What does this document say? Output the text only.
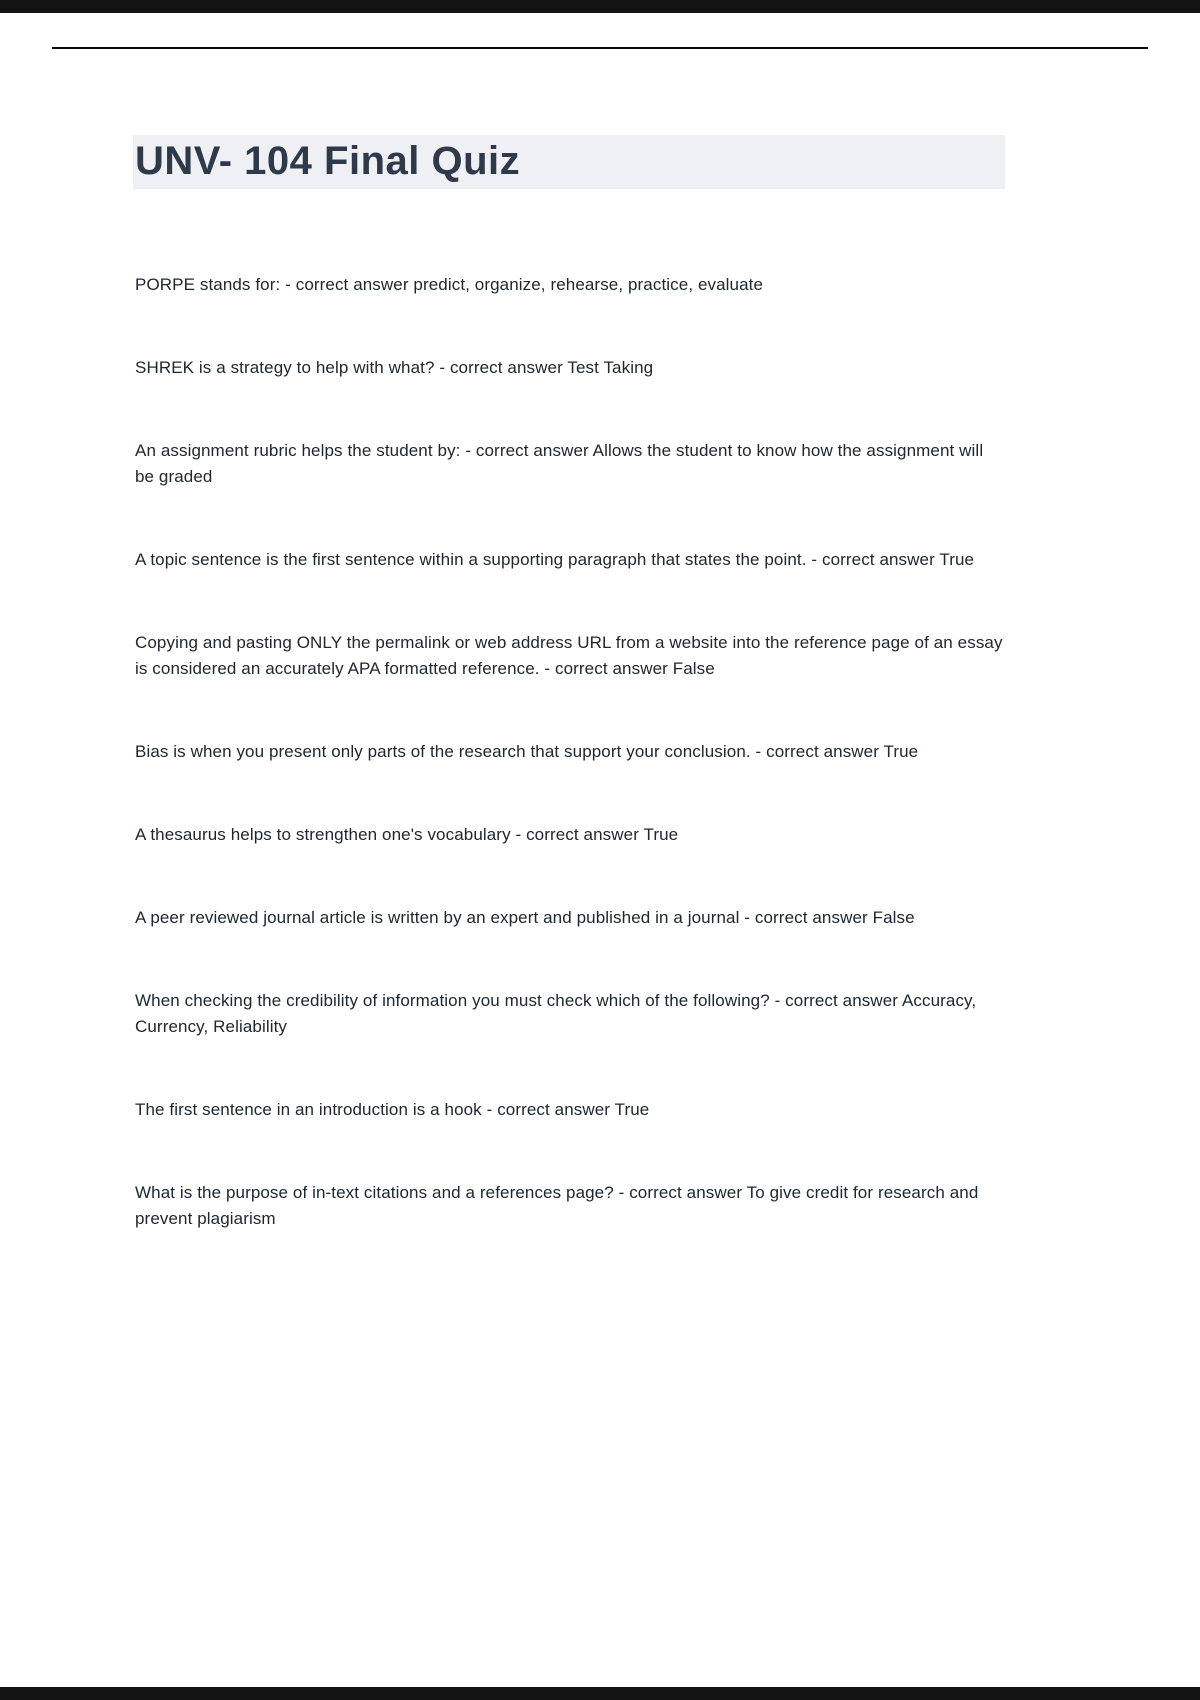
UNV- 104 Final Quiz

PORPE stands for: - correct answer predict, organize, rehearse, practice, evaluate

SHREK is a strategy to help with what? - correct answer Test Taking

An assignment rubric helps the student by: - correct answer Allows the student to know how the assignment will be graded

A topic sentence is the first sentence within a supporting paragraph that states the point. - correct answer True

Copying and pasting ONLY the permalink or web address URL from a website into the reference page of an essay is considered an accurately APA formatted reference. - correct answer False

Bias is when you present only parts of the research that support your conclusion. - correct answer True

A thesaurus helps to strengthen one's vocabulary - correct answer True

A peer reviewed journal article is written by an expert and published in a journal - correct answer False

When checking the credibility of information you must check which of the following? - correct answer Accuracy, Currency, Reliability

The first sentence in an introduction is a hook - correct answer True

What is the purpose of in-text citations and a references page? - correct answer To give credit for research and prevent plagiarism
